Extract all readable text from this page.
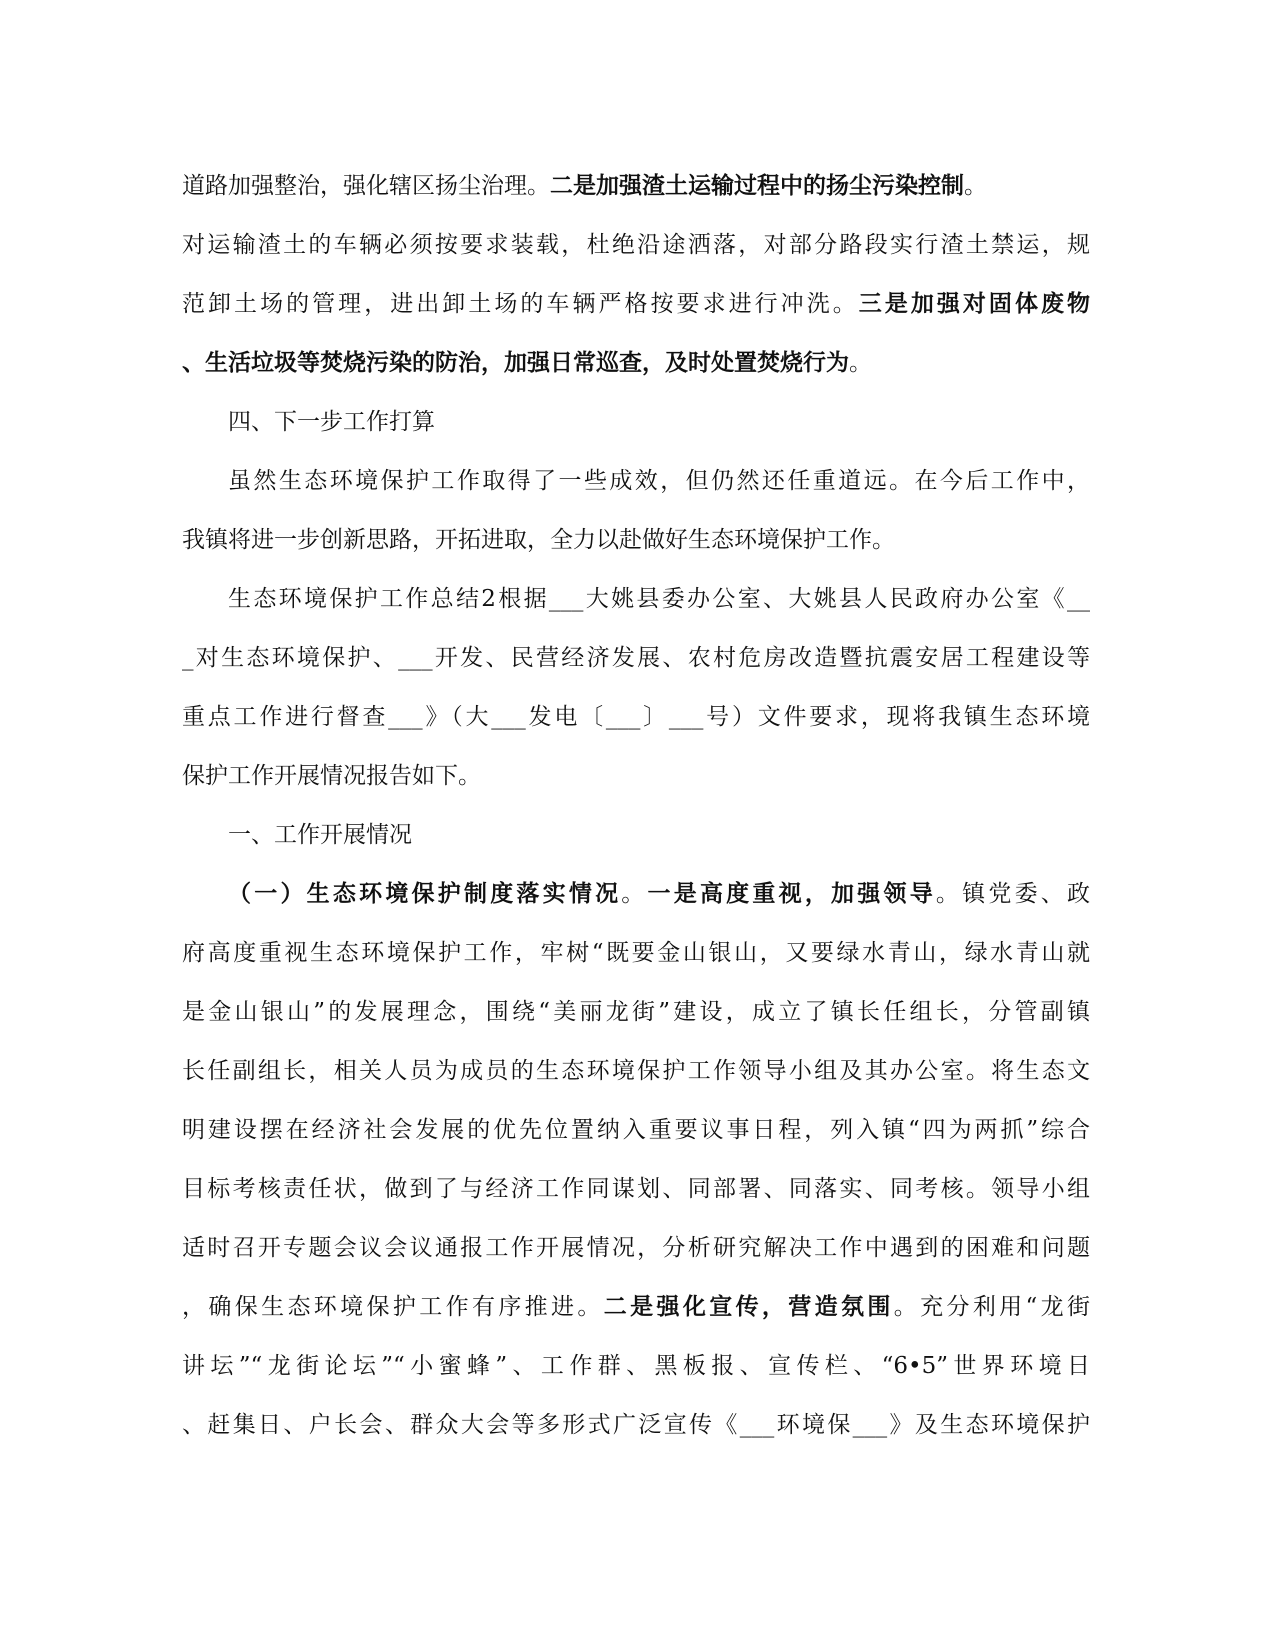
道路加强整治，强化辖区扬尘治理。二是加强渣土运输过程中的扬尘污染控制。
对运输渣土的车辆必须按要求装载，杜绝沿途洒落，对部分路段实行渣土禁运，规
范卸土场的管理，进出卸土场的车辆严格按要求进行冲洗。三是加强对固体废物
、生活垃圾等焚烧污染的防治，加强日常巡查，及时处置焚烧行为。
四、下一步工作打算
虽然生态环境保护工作取得了一些成效，但仍然还任重道远。在今后工作中，
我镇将进一步创新思路，开拓进取，全力以赴做好生态环境保护工作。
生态环境保护工作总结2根据___大姚县委办公室、大姚县人民政府办公室《__
_对生态环境保护、___开发、民营经济发展、农村危房改造暨抗震安居工程建设等
重点工作进行督查___》（大___发电〔___〕___号）文件要求，现将我镇生态环境
保护工作开展情况报告如下。
一、工作开展情况
（一）生态环境保护制度落实情况。一是高度重视，加强领导。镇党委、政
府高度重视生态环境保护工作，牢树“既要金山银山，又要绿水青山，绿水青山就
是金山银山”的发展理念，围绕“美丽龙街”建设，成立了镇长任组长，分管副镇
长任副组长，相关人员为成员的生态环境保护工作领导小组及其办公室。将生态文
明建设摆在经济社会发展的优先位置纳入重要议事日程，列入镇“四为两抓”综合
目标考核责任状，做到了与经济工作同谋划、同部署、同落实、同考核。领导小组
适时召开专题会议会议通报工作开展情况，分析研究解决工作中遇到的困难和问题
，确保生态环境保护工作有序推进。二是强化宣传，营造氛围。充分利用“龙街
讲坛”“龙街论坛”“小蜜蜂”、工作群、黑板报、宣传栏、“6•5”世界环境日
、赶集日、户长会、群众大会等多形式广泛宣传《___环境保___》及生态环境保护
